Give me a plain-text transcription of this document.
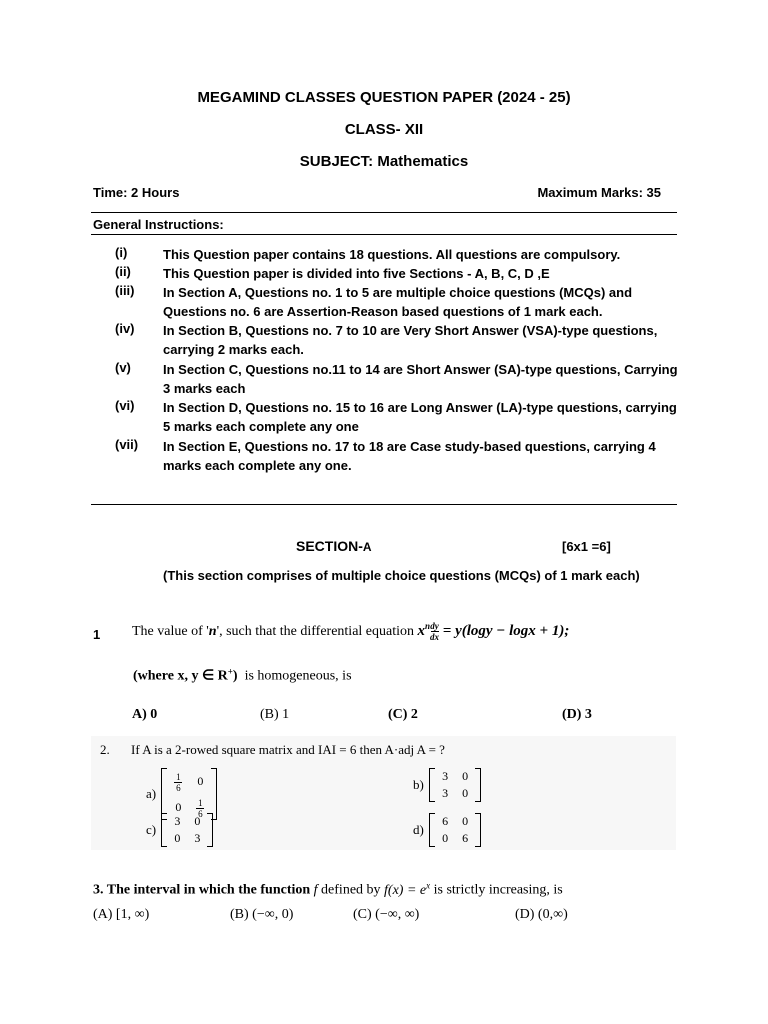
MEGAMIND CLASSES QUESTION PAPER (2024 - 25)
CLASS- XII
SUBJECT: Mathematics
Time: 2 Hours	Maximum Marks: 35
General Instructions:
(i)	This Question paper contains 18 questions. All questions are compulsory.
(ii) This Question paper is divided into five Sections - A, B, C, D ,E
(iii) In Section A, Questions no. 1 to 5 are multiple choice questions (MCQs) and Questions no. 6 are Assertion-Reason based questions of 1 mark each.
(iv) In Section B, Questions no. 7 to 10 are Very Short Answer (VSA)-type questions, carrying 2 marks each.
(v) In Section C, Questions no.11 to 14 are Short Answer (SA)-type questions, Carrying 3 marks each
(vi) In Section D, Questions no. 15 to 16 are Long Answer (LA)-type questions, carrying 5 marks each complete any one
(vii) In Section E, Questions no. 17 to 18 are Case study-based questions, carrying 4 marks each complete any one.
SECTION-A	[6x1 =6]
(This section comprises of multiple choice questions (MCQs) of 1 mark each)
1 The value of 'n', such that the differential equation $x^n \frac{dy}{dx} = y(\log y - \log x + 1)$;
(where x, y ∈ R+) is homogeneous, is
A) 0	(B) 1	(C) 2	(D) 3
2. If A is a 2-rowed square matrix and IAI = 6 then A·adj A = ?
a)
$\frac{1}{6}$	0
0	$\frac{1}{6}$
b)
3	0
3	0
c)
3	0
0	3
d)
6	0
0	6
3. The interval in which the function f defined by $f(x) = e^x$ is strictly increasing, is
(A) [1, ∞)	(B) (−∞, 0)	(C) (−∞, ∞)	(D) (0,∞)
